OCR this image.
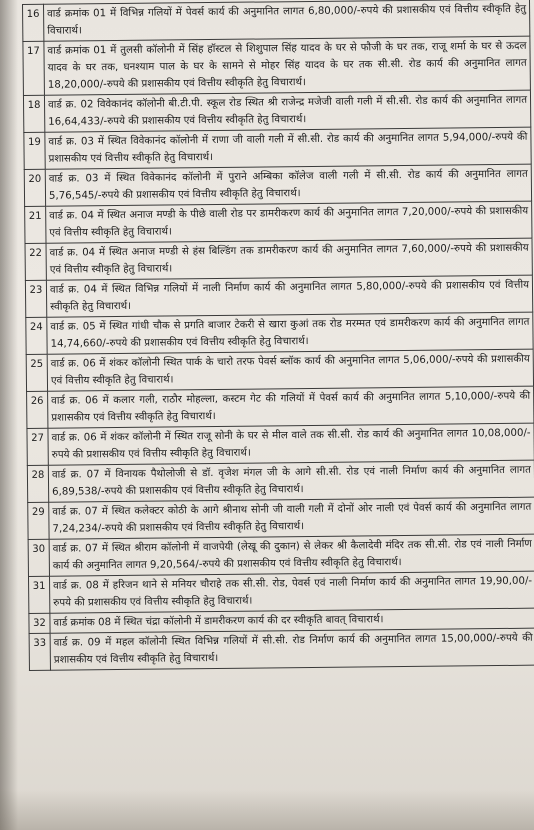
16	वार्ड क्रमांक 01 में विभिन्न गलियों में पेवर्स कार्य की अनुमानित लागत 6,80,000/-रुपये की प्रशासकीय एवं वित्तीय स्वीकृति हेतु विचारार्थ।
17	वार्ड क्रमांक 01 में तुलसी कॉलोनी में सिंह हॉस्टल से शिशुपाल सिंह यादव के घर से फौजी के घर तक, राजू शर्मा के घर से ऊदल यादव के घर तक, घनश्याम पाल के घर के सामने से मोहर सिंह यादव के घर तक सी.सी. रोड कार्य की अनुमानित लागत 18,20,000/-रुपये की प्रशासकीय एवं वित्तीय स्वीकृति हेतु विचारार्थ।
18	वार्ड क्र. 02 विवेकानंद कॉलोनी बी.टी.पी. स्कूल रोड स्थित श्री राजेन्द्र मजेजी वाली गली में सी.सी. रोड कार्य की अनुमानित लागत 16,64,433/-रुपये की प्रशासकीय एवं वित्तीय स्वीकृति हेतु विचारार्थ।
19	वार्ड क्र. 03 में स्थित विवेकानंद कॉलोनी में राणा जी वाली गली में सी.सी. रोड कार्य की अनुमानित लागत 5,94,000/-रुपये की प्रशासकीय एवं वित्तीय स्वीकृति हेतु विचारार्थ।
20	वार्ड क्र. 03 में स्थित विवेकानंद कॉलोनी में पुराने अम्बिका कॉलेज वाली गली में सी.सी. रोड कार्य की अनुमानित लागत 5,76,545/-रुपये की प्रशासकीय एवं वित्तीय स्वीकृति हेतु विचारार्थ।
21	वार्ड क्र. 04 में स्थित अनाज मण्डी के पीछे वाली रोड पर डामरीकरण कार्य की अनुमानित लागत 7,20,000/-रुपये की प्रशासकीय एवं वित्तीय स्वीकृति हेतु विचारार्थ।
22	वार्ड क्र. 04 में स्थित अनाज मण्डी से हंस बिल्डिंग तक डामरीकरण कार्य की अनुमानित लागत 7,60,000/-रुपये की प्रशासकीय एवं वित्तीय स्वीकृति हेतु विचारार्थ।
23	वार्ड क्र. 04 में स्थित विभिन्न गलियों में नाली निर्माण कार्य की अनुमानित लागत 5,80,000/-रुपये की प्रशासकीय एवं वित्तीय स्वीकृति हेतु विचारार्थ।
24	वार्ड क्र. 05 में स्थित गांधी चौक से प्रगति बाजार टेकरी से खारा कुआं तक रोड मरम्मत एवं डामरीकरण कार्य की अनुमानित लागत 14,74,660/-रुपये की प्रशासकीय एवं वित्तीय स्वीकृति हेतु विचारार्थ।
25	वार्ड क्र. 06 में शंकर कॉलोनी स्थित पार्क के चारो तरफ पेवर्स ब्लॉक कार्य की अनुमानित लागत 5,06,000/-रुपये की प्रशासकीय एवं वित्तीय स्वीकृति हेतु विचारार्थ।
26	वार्ड क्र. 06 में कलार गली, राठौर मोहल्ला, कस्टम गेट की गलियों में पेवर्स कार्य की अनुमानित लागत 5,10,000/-रुपये की प्रशासकीय एवं वित्तीय स्वीकृति हेतु विचारार्थ।
27	वार्ड क्र. 06 में शंकर कॉलोनी में स्थित राजू सोनी के घर से मील वाले तक सी.सी. रोड कार्य की अनुमानित लागत 10,08,000/-रुपये की प्रशासकीय एवं वित्तीय स्वीकृति हेतु विचारार्थ।
28	वार्ड क्र. 07 में विनायक पैथोलोजी से डॉ. वृजेश मंगल जी के आगे सी.सी. रोड एवं नाली निर्माण कार्य की अनुमानित लागत 6,89,538/-रुपये की प्रशासकीय एवं वित्तीय स्वीकृति हेतु विचारार्थ।
29	वार्ड क्र. 07 में स्थित कलेक्टर कोठी के आगे श्रीनाथ सोनी जी वाली गली में दोनों ओर नाली एवं पेवर्स कार्य की अनुमानित लागत 7,24,234/-रुपये की प्रशासकीय एवं वित्तीय स्वीकृति हेतु विचारार्थ।
30	वार्ड क्र. 07 में स्थित श्रीराम कॉलोनी में वाजपेयी (लेखू की दुकान) से लेकर श्री कैलादेवी मंदिर तक सी.सी. रोड एवं नाली निर्माण कार्य की अनुमानित लागत 9,20,564/-रुपये की प्रशासकीय एवं वित्तीय स्वीकृति हेतु विचारार्थ।
31	वार्ड क्र. 08 में हरिजन थाने से मनियर चौराहे तक सी.सी. रोड, पेवर्स एवं नाली निर्माण कार्य की अनुमानित लागत 19,90,00/-रुपये की प्रशासकीय एवं वित्तीय स्वीकृति हेतु विचारार्थ।
32	वार्ड क्रमांक 08 में स्थित चंद्रा कॉलोनी में डामरीकरण कार्य की दर स्वीकृति बावत् विचारार्थ।
33	वार्ड क्र. 09 में महल कॉलोनी स्थित विभिन्न गलियों में सी.सी. रोड निर्माण कार्य की अनुमानित लागत 15,00,000/-रुपये की प्रशासकीय एवं वित्तीय स्वीकृति हेतु विचारार्थ।
